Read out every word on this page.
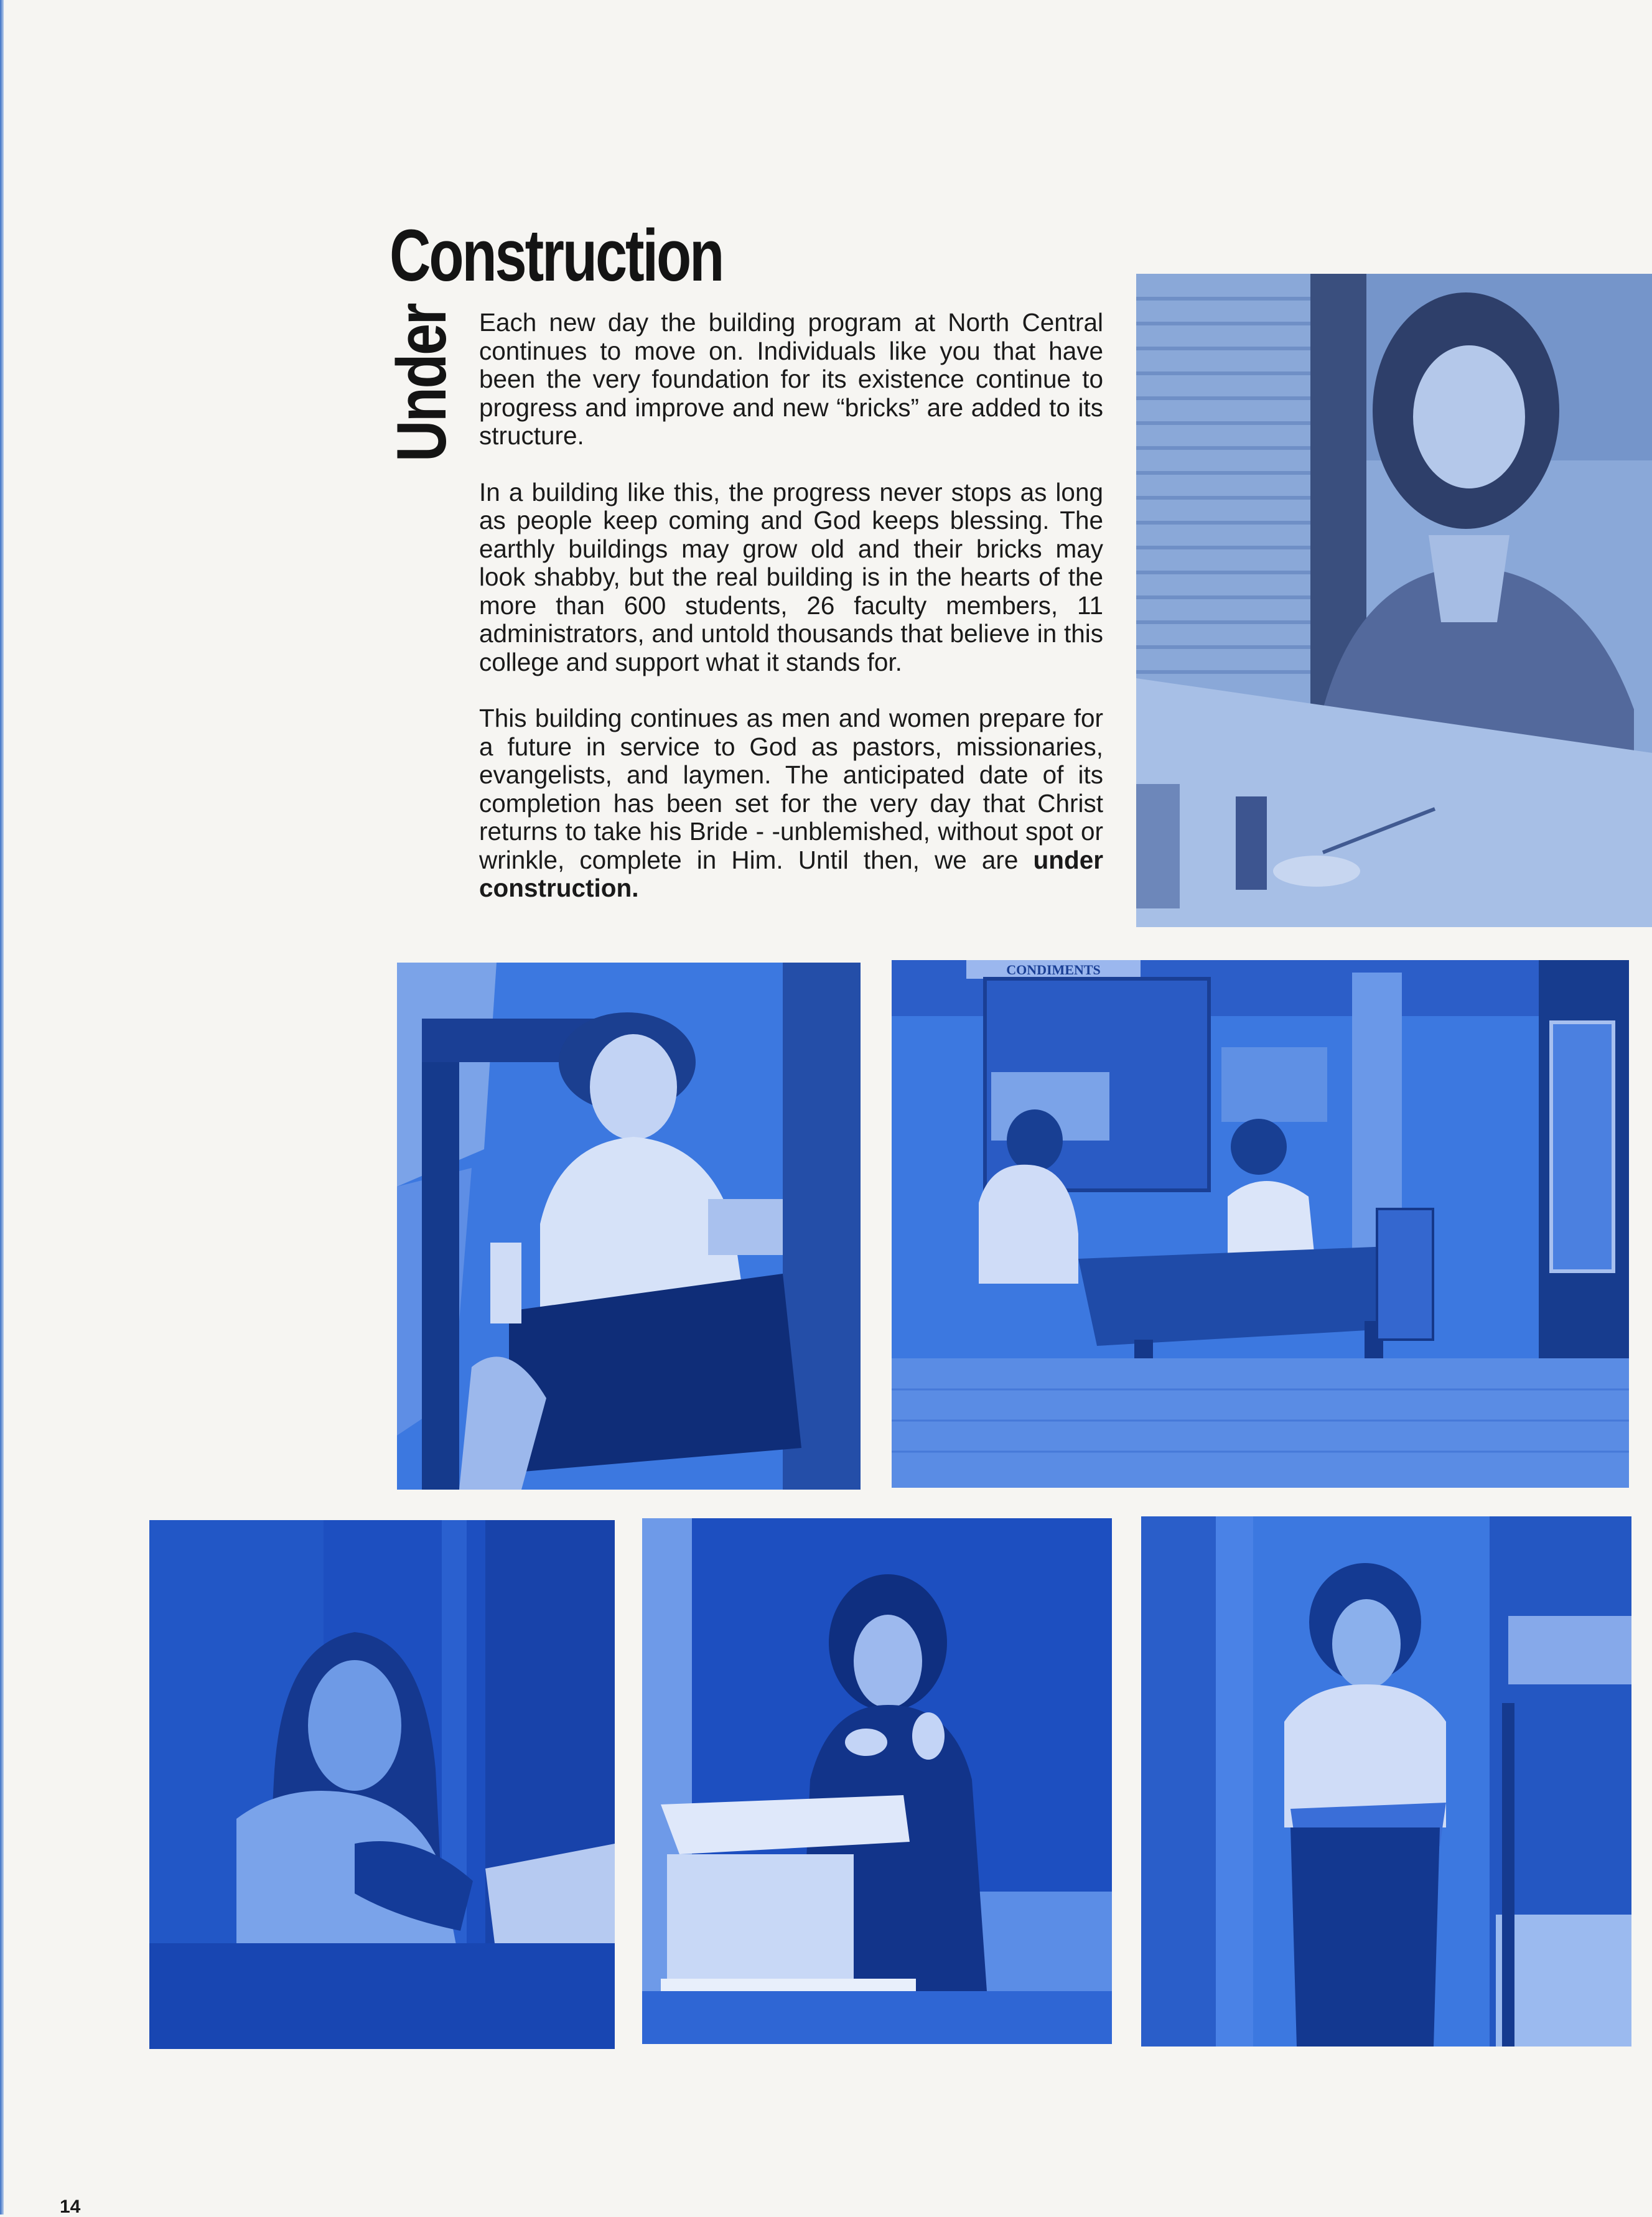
Construction
Under Each new day the building program at North Central continues to move on. Individuals like you that have been the very foundation for its existence continue to progress and improve and new “bricks” are added to its structure.

In a building like this, the progress never stops as long as people keep coming and God keeps blessing. The earthly buildings may grow old and their bricks may look shabby, but the real building is in the hearts of the more than 600 students, 26 faculty members, 11 administrators, and untold thousands that believe in this college and support what it stands for.

This building continues as men and women prepare for a future in service to God as pastors, missionaries, evangelists, and laymen. The anticipated date of its completion has been set for the very day that Christ returns to take his Bride - -unblemished, without spot or wrinkle, complete in Him. Until then, we are under construction.

CONDIMENTS
14
